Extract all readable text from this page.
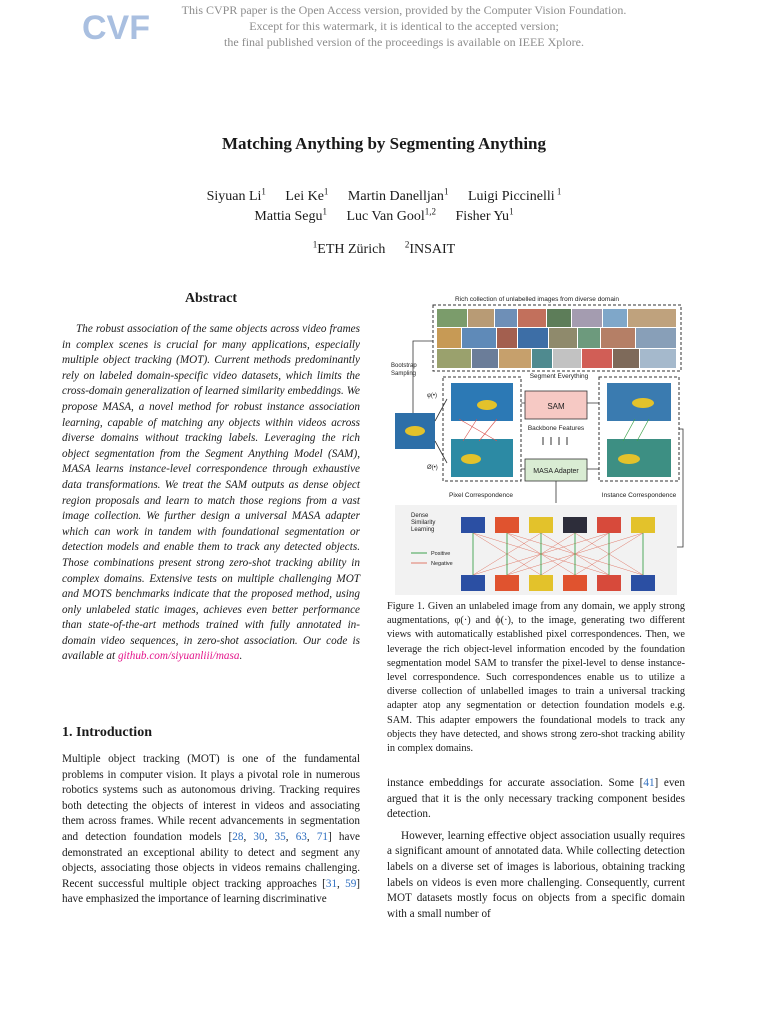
CVF	This CVPR paper is the Open Access version, provided by the Computer Vision Foundation.
Except for this watermark, it is identical to the accepted version;
the final published version of the proceedings is available on IEEE Xplore.
Matching Anything by Segmenting Anything
Siyuan Li$^1$ Lei Ke$^1$ Martin Danelljan$^1$ Luigi Piccinelli $^1$
Mattia Segu$^1$ Luc Van Gool$^{1,2}$ Fisher Yu$^1$
$^1$ETH Zürich $^2$INSAIT
Abstract
The robust association of the same objects across video frames in complex scenes is crucial for many applications, especially multiple object tracking (MOT). Current methods predominantly rely on labeled domain-specific video datasets, which limits the cross-domain generalization of learned similarity embeddings. We propose MASA, a novel method for robust instance association learning, capable of matching any objects within videos across diverse domains without tracking labels. Leveraging the rich object segmentation from the Segment Anything Model (SAM), MASA learns instance-level correspondence through exhaustive data transformations. We treat the SAM outputs as dense object region proposals and learn to match those regions from a vast image collection. We further design a universal MASA adapter which can work in tandem with foundational segmentation or detection models and enable them to track any detected objects. Those combinations present strong zero-shot tracking ability in complex domains. Extensive tests on multiple challenging MOT and MOTS benchmarks indicate that the proposed method, using only unlabeled static images, achieves even better performance than state-of-the-art methods trained with fully annotated in-domain video sequences, in zero-shot association. Our code is available at github.com/siyuanliii/masa.
1. Introduction
Multiple object tracking (MOT) is one of the fundamental problems in computer vision. It plays a pivotal role in numerous robotics systems such as autonomous driving. Tracking requires both detecting the objects of interest in videos and associating them across frames. While recent advancements in segmentation and detection foundation models [28, 30, 35, 63, 71] have demonstrated an exceptional ability to detect and segment any objects, associating those objects in videos remains challenging. Recent successful multiple object tracking approaches [31, 59] have emphasized the importance of learning discriminative

instance embeddings for accurate association. Some [41] even argued that it is the only necessary tracking component besides detection.

However, learning effective object association usually requires a significant amount of annotated data. While collecting detection labels on a diverse set of images is laborious, obtaining tracking labels on videos is even more challenging. Consequently, current MOT datasets mostly focus on objects from a specific domain with a small number of

Rich collection of unlabelled images from diverse domain
Bootstrap
Sampling
φ(•)
Ø(•)
Pixel Correspondence
Segment Everything
SAM
Backbone Features
MASA Adapter
Instance Correspondence
Dense
Similarity
Learning
Positive
Negative
Figure 1. Given an unlabeled image from any domain, we apply strong augmentations, φ(·) and ϕ(·), to the image, generating two different views with automatically established pixel correspondences. Then, we leverage the rich object-level information encoded by the foundation segmentation model SAM to transfer the pixel-level to dense instance-level correspondence. Such correspondences enable us to utilize a diverse collection of unlabelled images to train a universal tracking adapter atop any segmentation or detection foundation models e.g. SAM. This adapter empowers the foundational models to track any objects they have detected, and shows strong zero-shot tracking ability in complex domains.
